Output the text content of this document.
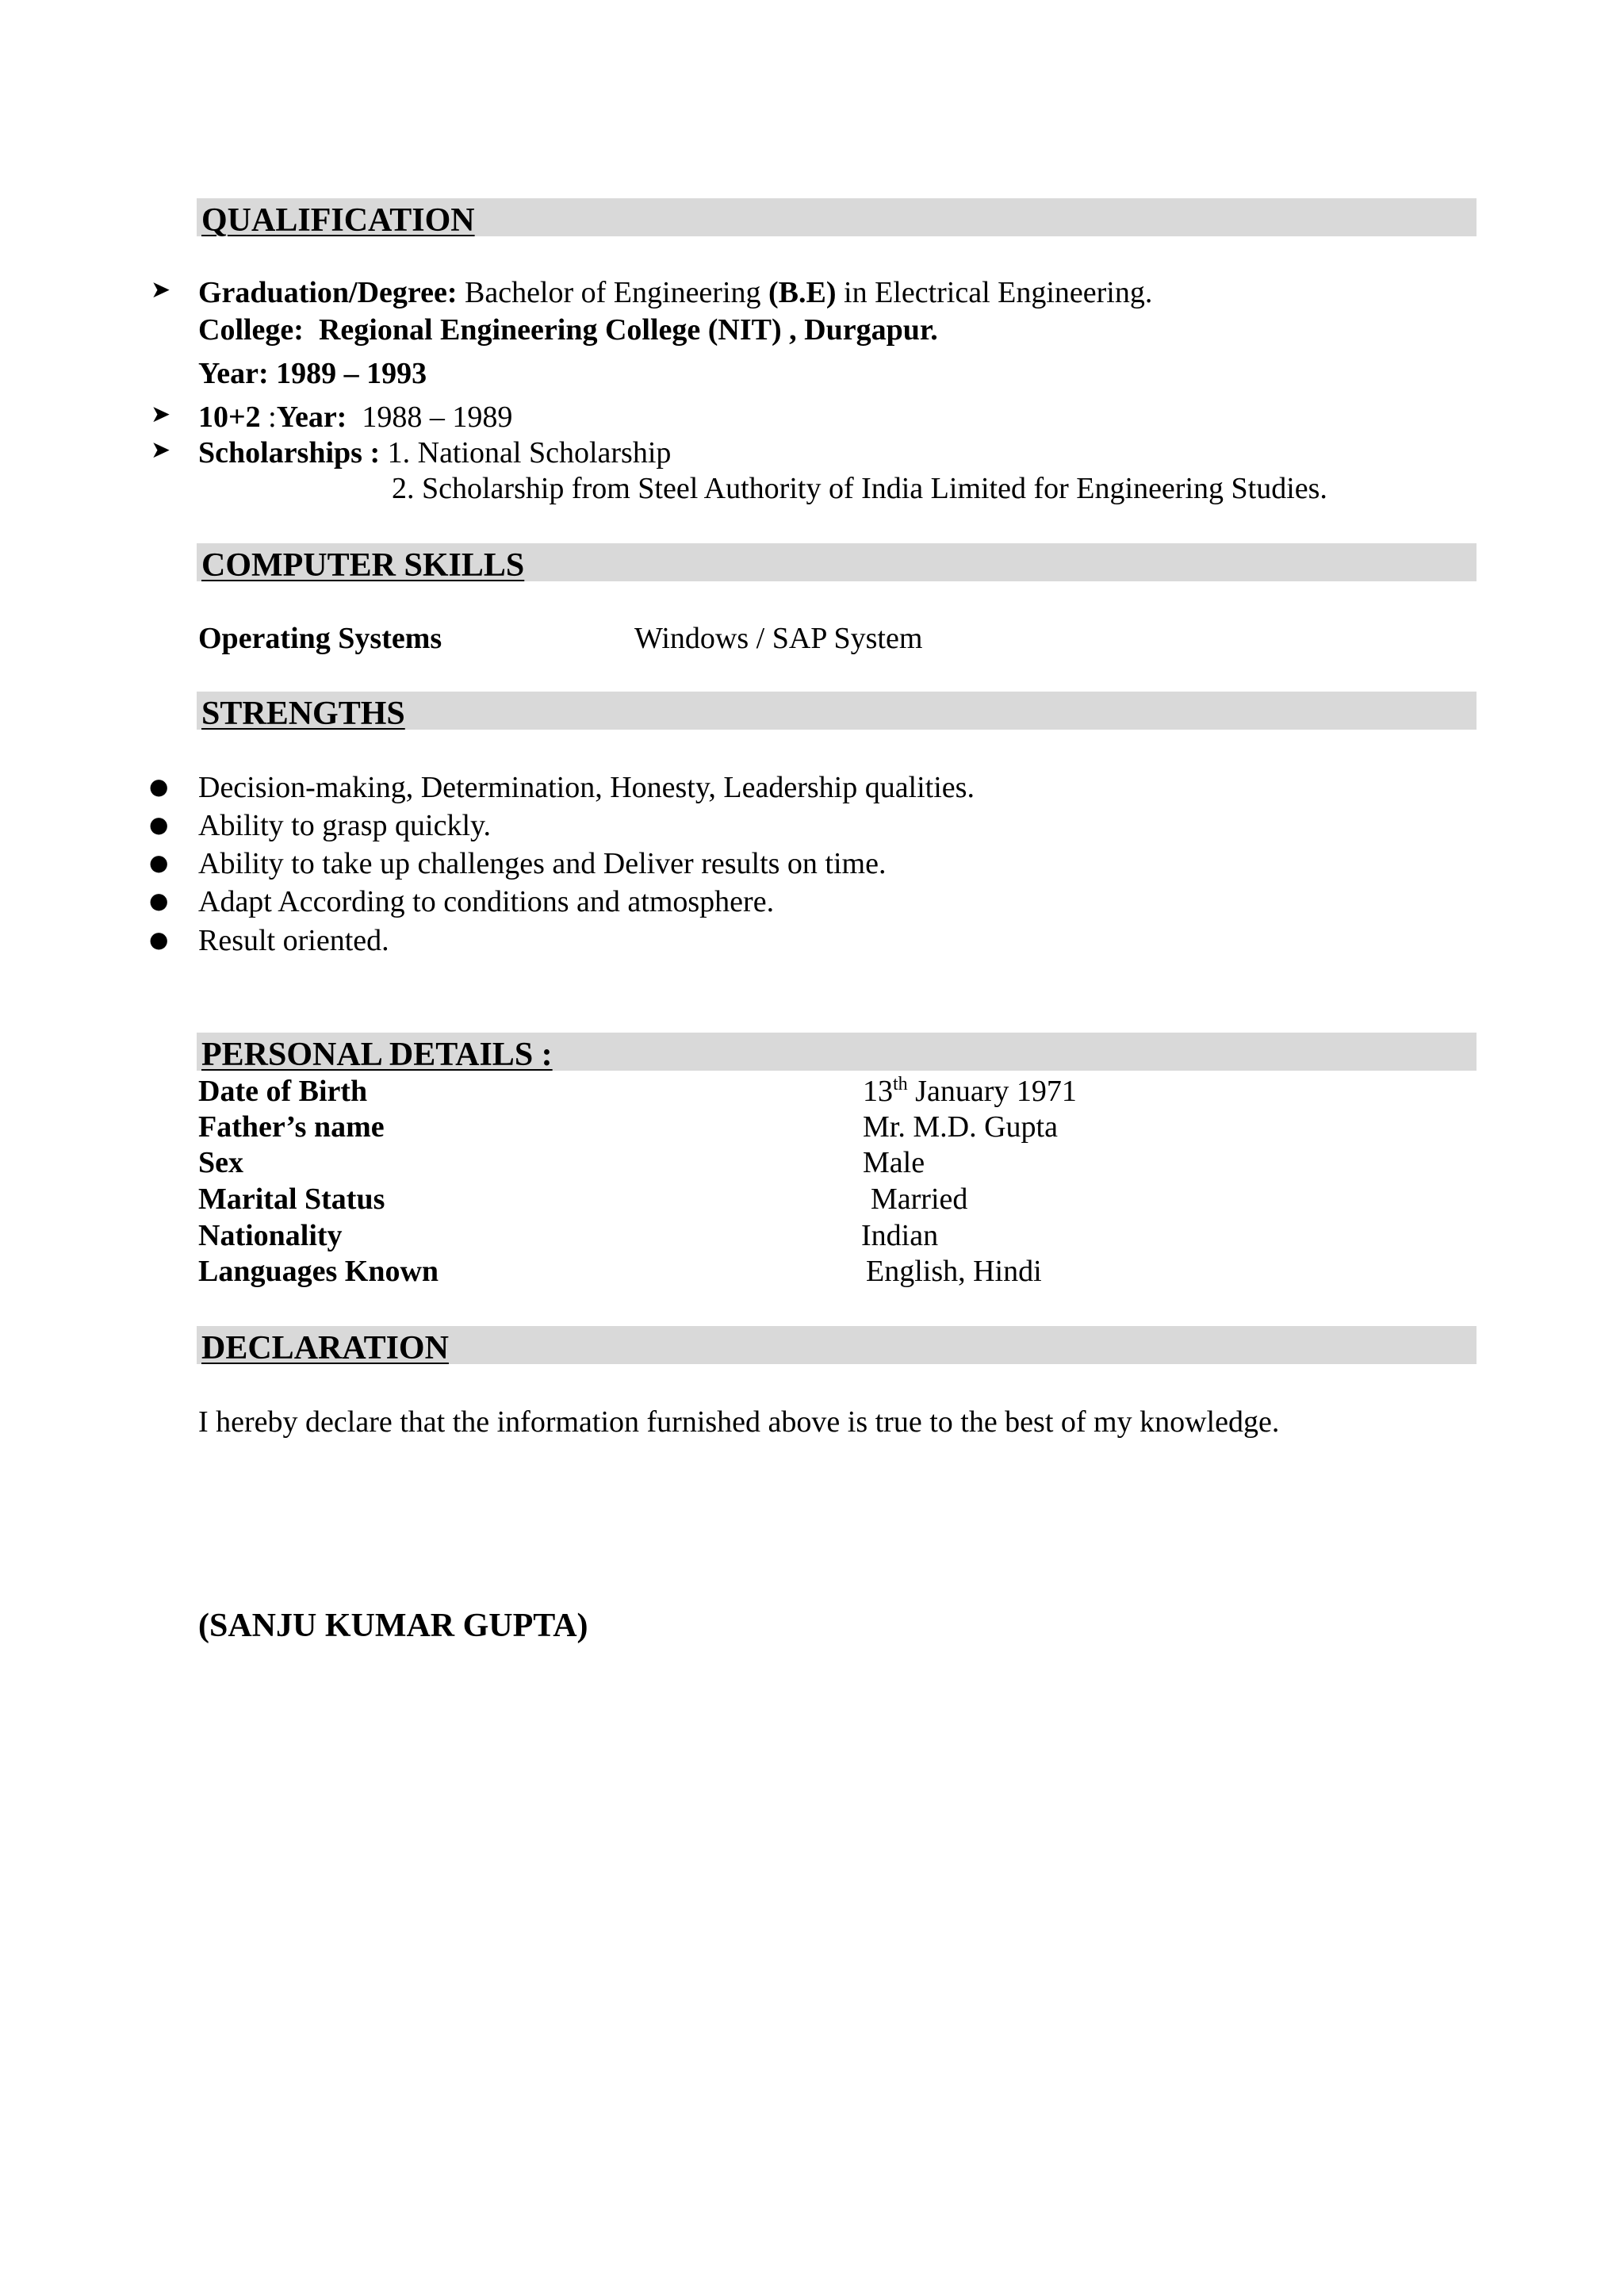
QUALIFICATION
➤ Graduation/Degree: Bachelor of Engineering (B.E) in Electrical Engineering.
College: Regional Engineering College (NIT) , Durgapur.
Year: 1989 – 1993
➤ 10+2 :Year: 1988 – 1989
➤ Scholarships : 1. National Scholarship
2. Scholarship from Steel Authority of India Limited for Engineering Studies.
COMPUTER SKILLS
Operating Systems	Windows / SAP System
STRENGTHS
● Decision-making, Determination, Honesty, Leadership qualities.
● Ability to grasp quickly.
● Ability to take up challenges and Deliver results on time.
● Adapt According to conditions and atmosphere.
● Result oriented.
PERSONAL DETAILS :
Date of Birth	13th January 1971
Father’s name	Mr. M.D. Gupta
Sex	Male
Marital Status	Married
Nationality	Indian
Languages Known	English, Hindi
DECLARATION
I hereby declare that the information furnished above is true to the best of my knowledge.
(SANJU KUMAR GUPTA)
